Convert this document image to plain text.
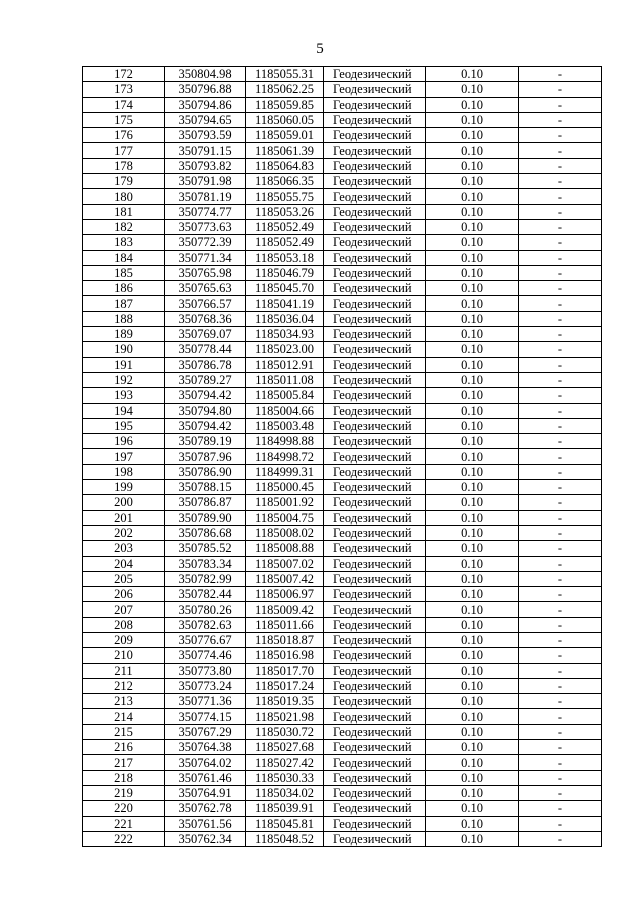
5
172	350804.98	1185055.31	Геодезический	0.10	-
173	350796.88	1185062.25	Геодезический	0.10	-
174	350794.86	1185059.85	Геодезический	0.10	-
175	350794.65	1185060.05	Геодезический	0.10	-
176	350793.59	1185059.01	Геодезический	0.10	-
177	350791.15	1185061.39	Геодезический	0.10	-
178	350793.82	1185064.83	Геодезический	0.10	-
179	350791.98	1185066.35	Геодезический	0.10	-
180	350781.19	1185055.75	Геодезический	0.10	-
181	350774.77	1185053.26	Геодезический	0.10	-
182	350773.63	1185052.49	Геодезический	0.10	-
183	350772.39	1185052.49	Геодезический	0.10	-
184	350771.34	1185053.18	Геодезический	0.10	-
185	350765.98	1185046.79	Геодезический	0.10	-
186	350765.63	1185045.70	Геодезический	0.10	-
187	350766.57	1185041.19	Геодезический	0.10	-
188	350768.36	1185036.04	Геодезический	0.10	-
189	350769.07	1185034.93	Геодезический	0.10	-
190	350778.44	1185023.00	Геодезический	0.10	-
191	350786.78	1185012.91	Геодезический	0.10	-
192	350789.27	1185011.08	Геодезический	0.10	-
193	350794.42	1185005.84	Геодезический	0.10	-
194	350794.80	1185004.66	Геодезический	0.10	-
195	350794.42	1185003.48	Геодезический	0.10	-
196	350789.19	1184998.88	Геодезический	0.10	-
197	350787.96	1184998.72	Геодезический	0.10	-
198	350786.90	1184999.31	Геодезический	0.10	-
199	350788.15	1185000.45	Геодезический	0.10	-
200	350786.87	1185001.92	Геодезический	0.10	-
201	350789.90	1185004.75	Геодезический	0.10	-
202	350786.68	1185008.02	Геодезический	0.10	-
203	350785.52	1185008.88	Геодезический	0.10	-
204	350783.34	1185007.02	Геодезический	0.10	-
205	350782.99	1185007.42	Геодезический	0.10	-
206	350782.44	1185006.97	Геодезический	0.10	-
207	350780.26	1185009.42	Геодезический	0.10	-
208	350782.63	1185011.66	Геодезический	0.10	-
209	350776.67	1185018.87	Геодезический	0.10	-
210	350774.46	1185016.98	Геодезический	0.10	-
211	350773.80	1185017.70	Геодезический	0.10	-
212	350773.24	1185017.24	Геодезический	0.10	-
213	350771.36	1185019.35	Геодезический	0.10	-
214	350774.15	1185021.98	Геодезический	0.10	-
215	350767.29	1185030.72	Геодезический	0.10	-
216	350764.38	1185027.68	Геодезический	0.10	-
217	350764.02	1185027.42	Геодезический	0.10	-
218	350761.46	1185030.33	Геодезический	0.10	-
219	350764.91	1185034.02	Геодезический	0.10	-
220	350762.78	1185039.91	Геодезический	0.10	-
221	350761.56	1185045.81	Геодезический	0.10	-
222	350762.34	1185048.52	Геодезический	0.10	-
